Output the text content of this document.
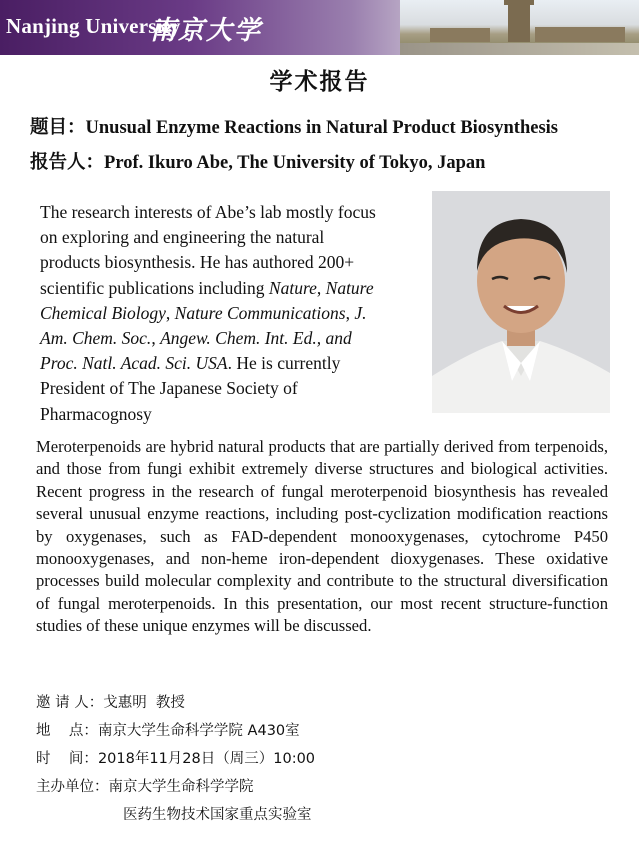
Nanjing University
南京大学
学术报告
题目：Unusual Enzyme Reactions in Natural Product Biosynthesis
报告人：Prof. Ikuro Abe, The University of Tokyo, Japan
The research interests of Abe’s lab mostly focus
on exploring and engineering the natural
products biosynthesis. He has authored 200+
scientific publications including Nature, Nature
Chemical Biology, Nature Communications, J.
Am. Chem. Soc., Angew. Chem. Int. Ed., and
Proc. Natl. Acad. Sci. USA. He is currently
President of The Japanese Society of
Pharmacognosy
Meroterpenoids are hybrid natural products that are partially derived from terpenoids, and those from fungi exhibit extremely diverse structures and biological activities. Recent progress in the research of fungal meroterpenoid biosynthesis has revealed several unusual enzyme reactions, including post-cyclization modification reactions by oxygenases, such as FAD-dependent monooxygenases, cytochrome P450 monooxygenases, and non-heme iron-dependent dioxygenases. These oxidative processes build molecular complexity and contribute to the structural diversification of fungal meroterpenoids. In this presentation, our most recent structure-function studies of these unique enzymes will be discussed.
邀 请 人：戈惠明  教授
地    点：南京大学生命科学学院 A430室
时    间：2018年11月28日（周三）10:00
主办单位：南京大学生命科学学院
医药生物技术国家重点实验室
